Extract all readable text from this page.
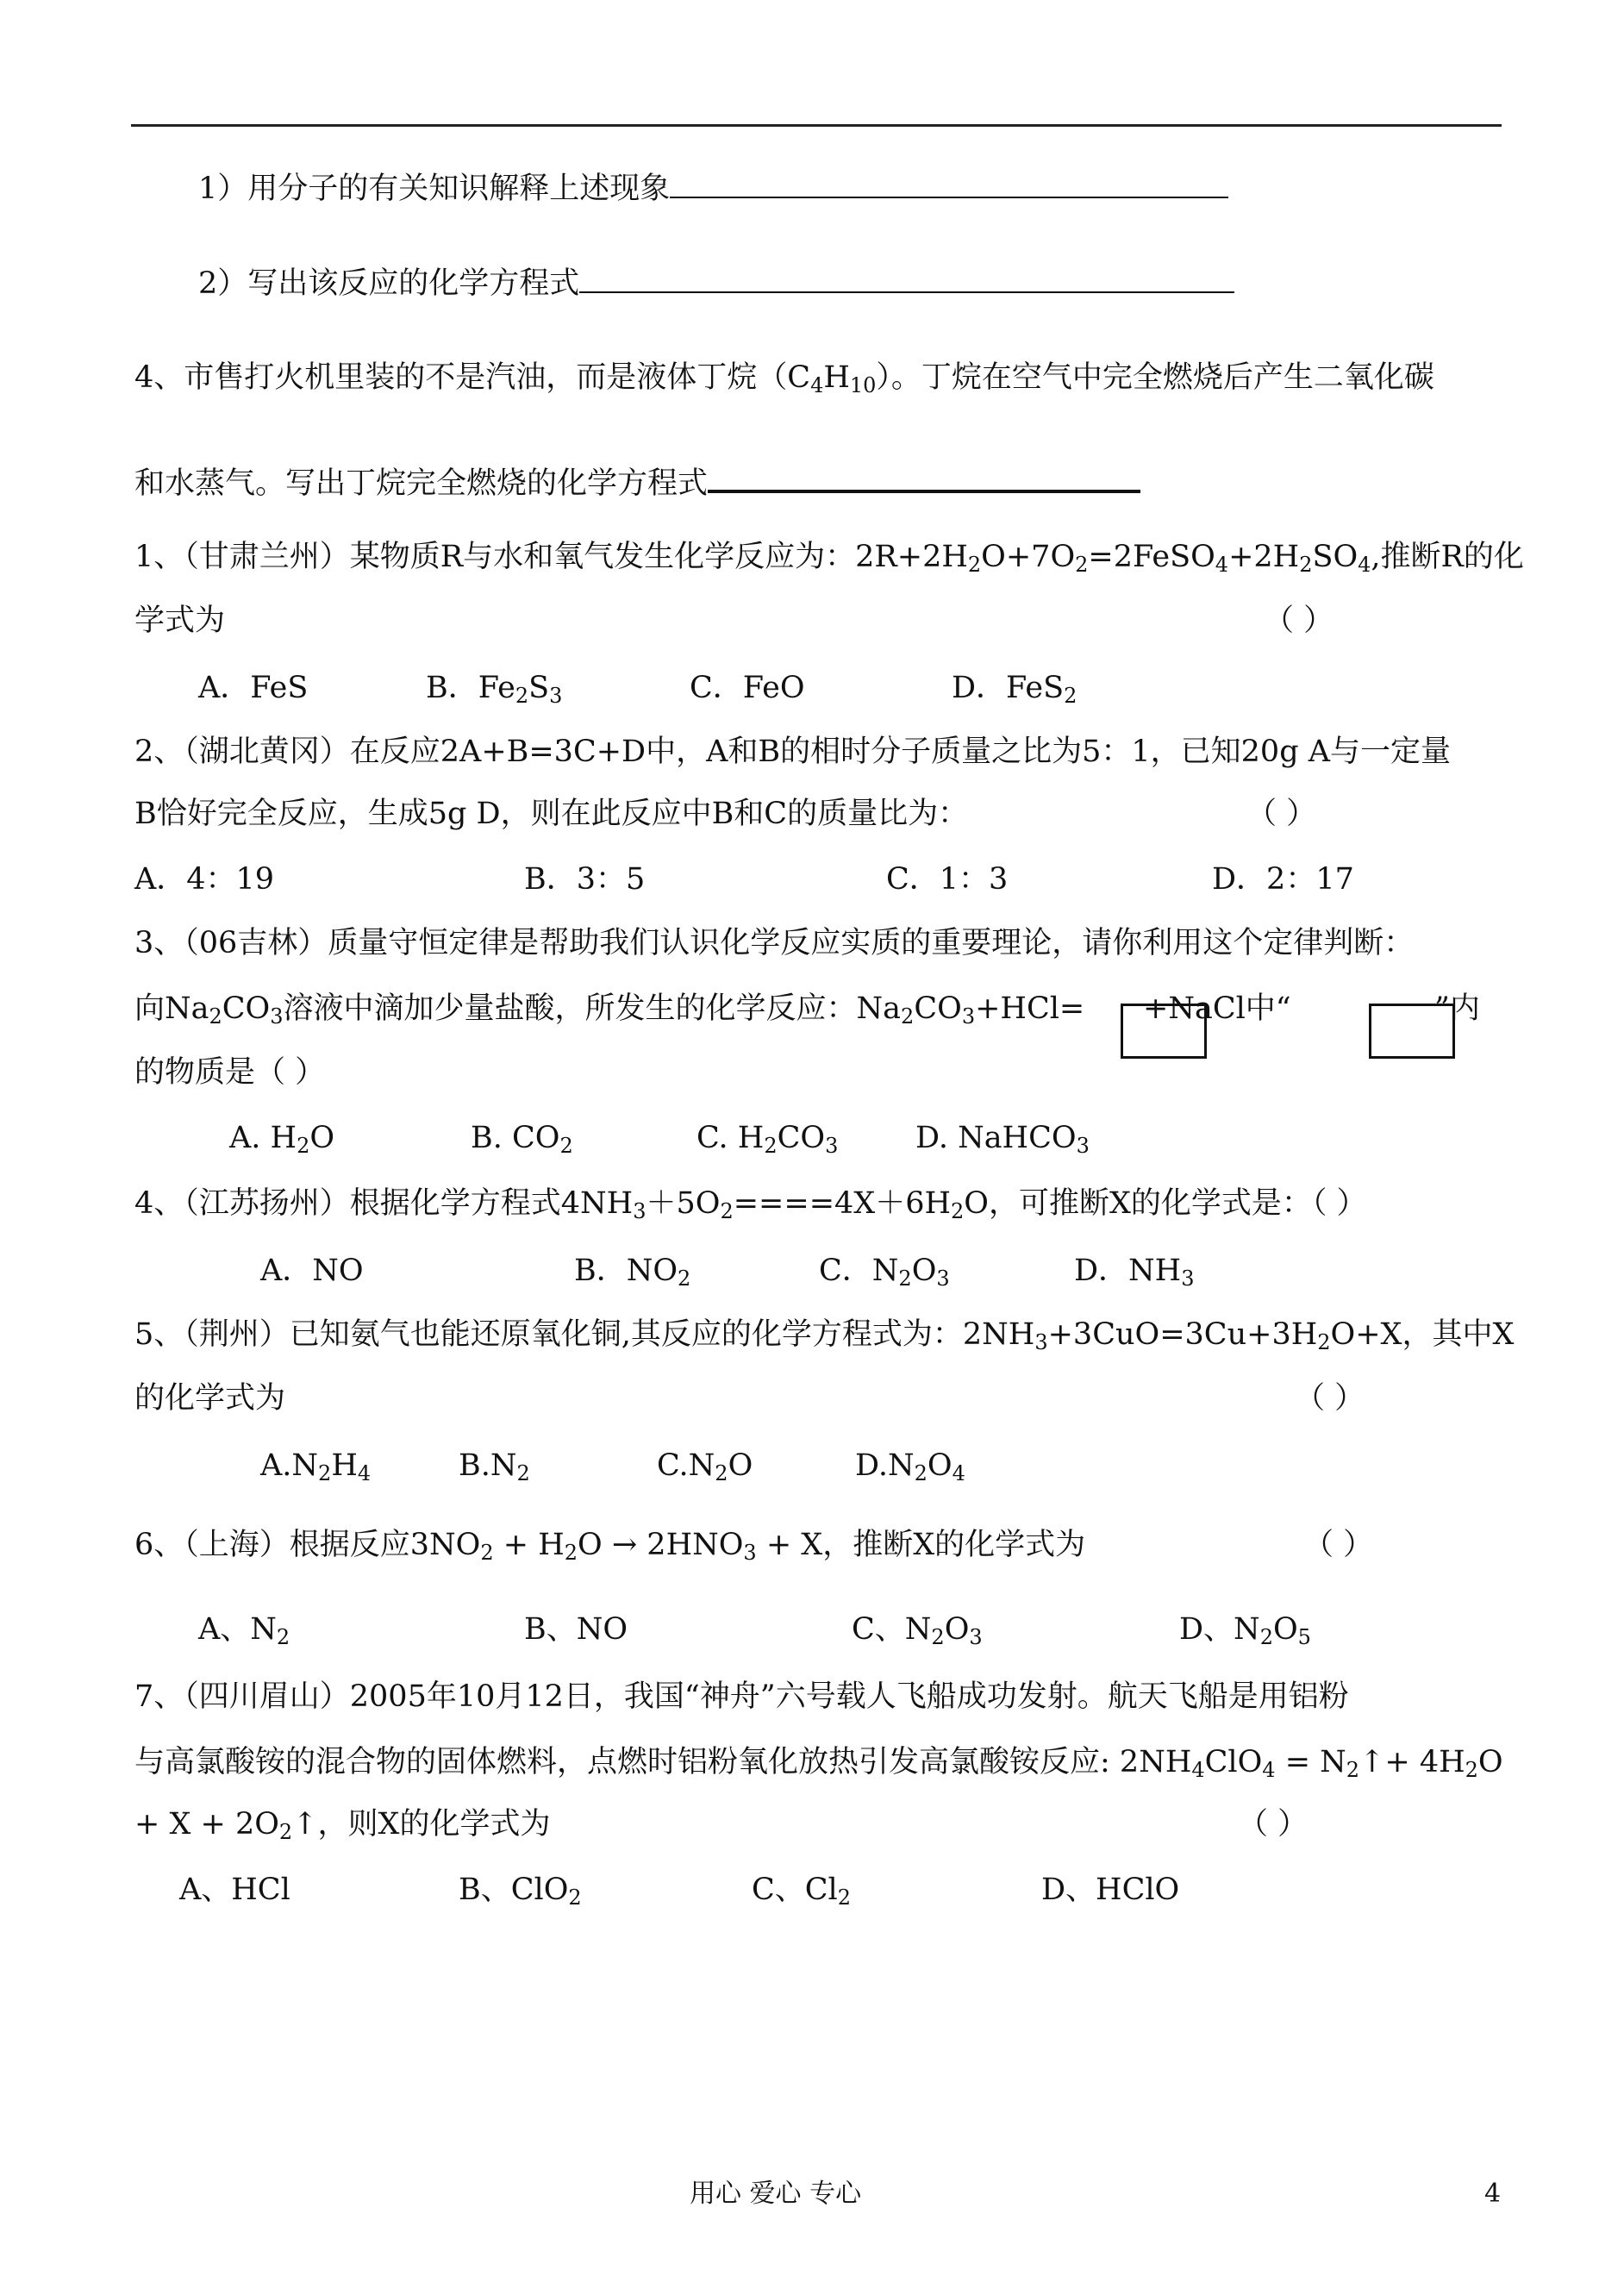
1）用分子的有关知识解释上述现象
2）写出该反应的化学方程式
4、市售打火机里装的不是汽油，而是液体丁烷$(C_4H_{10})$。丁烷在空气中完全燃烧后产生二氧化碳
和水蒸气。写出丁烷完全燃烧的化学方程式
1、（甘肃兰州）某物质R与水和氧气发生化学反应为：$2R+2H_2O+7O_2=2FeSO_4+2H_2SO_4$,推断R的化
学式为	（ ）
A．FeS	B．$Fe_2S_3$	C．FeO	D．FeS$_2$
2、（湖北黄冈）在反应2A+B=3C+D中，A和B的相时分子质量之比为5：1，已知20g A与一定量
B恰好完全反应，生成5g D，则在此反应中B和C的质量比为：	（ ）
A．4：19	B．3：5	C．1：3	D．2：17
3、（06吉林）质量守恒定律是帮助我们认识化学反应实质的重要理论，请你利用这个定律判断：
向$Na_2CO_3$溶液中滴加少量盐酸，所发生的化学反应：$Na_2CO_3+HCl=$ +NaCl中“	”内
的物质是（ ）
A. $H_2O$	B. $CO_2$	C. $H_2CO_3$	D. NaHCO$_3$
4、（江苏扬州）根据化学方程式$4NH_3+5O_2====4X+6H_2O$，可推断X的化学式是：（ ）
A．NO	B．$NO_2$	C．$N_2O_3$	D．$NH_3$
5、（荆州）已知氨气也能还原氧化铜,其反应的化学方程式为：$2NH_3+3CuO=3Cu+3H_2O+X$，其中X
的化学式为	（ ）
$A.N_2H_4$	$B.N_2$	$C.N_2O$	$D.N_2O_4$
6、（上海）根据反应$3NO_2 + H_2O \to 2HNO_3 + X$，推断X的化学式为	（ ）
A、$N_2$	B、NO	C、$N_2O_3$	D、$N_2O_5$
7、（四川眉山）2005年10月12日，我国“神舟”六号载人飞船成功发射。航天飞船是用铝粉
与高氯酸铵的混合物的固体燃料，点燃时铝粉氧化放热引发高氯酸铵反应: $2NH_4ClO_4$ = $N_2↑+ 4H_2O$
+ $X + 2O_2↑$，则X的化学式为	（ ）
A、HCl	B、ClO$_2$	C、$Cl_2$	D、HClO
用心 爱心 专心	4
